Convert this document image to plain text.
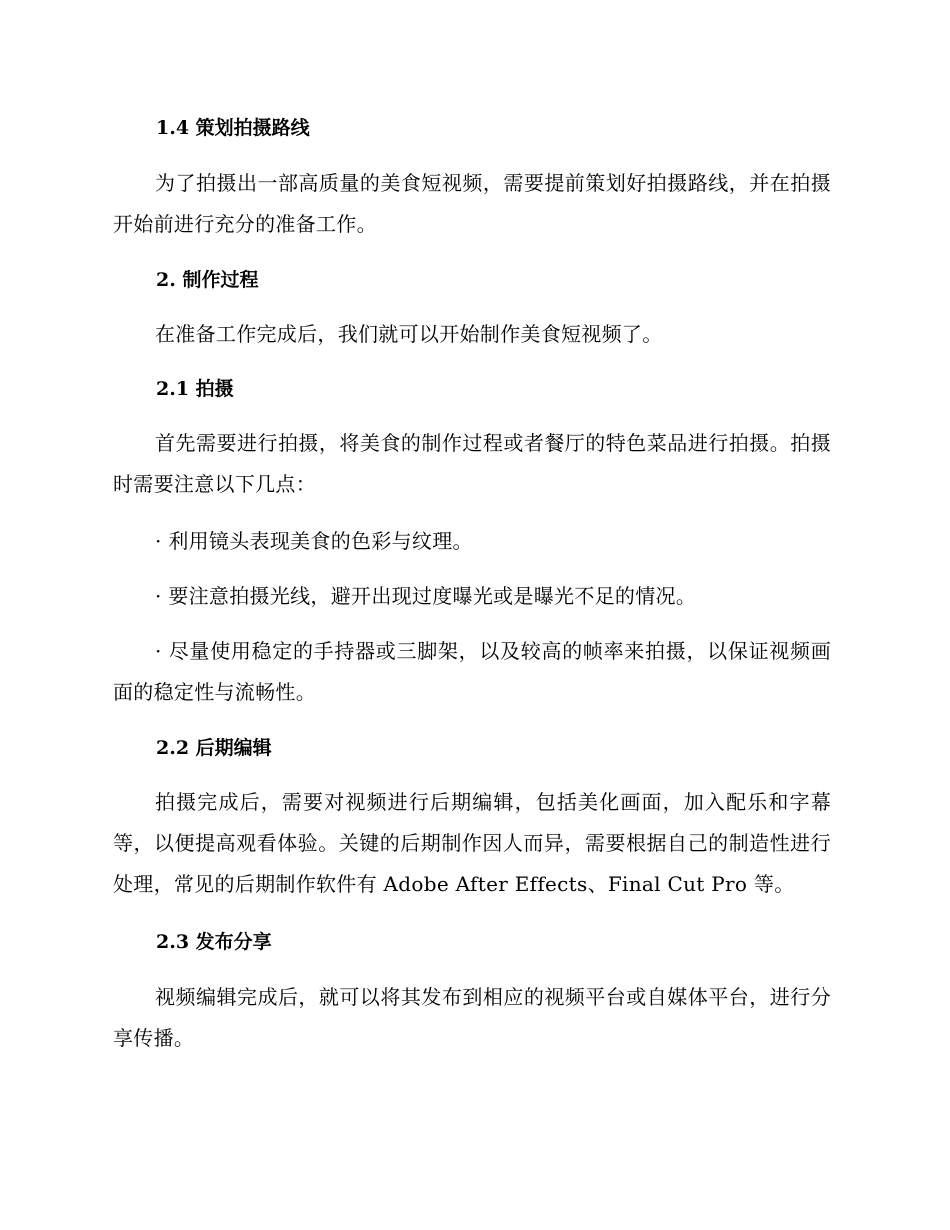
1.4 策划拍摄路线

为了拍摄出一部高质量的美食短视频，需要提前策划好拍摄路线，并在拍摄开始前进行充分的准备工作。

2. 制作过程

在准备工作完成后，我们就可以开始制作美食短视频了。

2.1 拍摄

首先需要进行拍摄，将美食的制作过程或者餐厅的特色菜品进行拍摄。拍摄时需要注意以下几点：

· 利用镜头表现美食的色彩与纹理。

· 要注意拍摄光线，避开出现过度曝光或是曝光不足的情况。

· 尽量使用稳定的手持器或三脚架，以及较高的帧率来拍摄，以保证视频画面的稳定性与流畅性。

2.2 后期编辑

拍摄完成后，需要对视频进行后期编辑，包括美化画面，加入配乐和字幕等，以便提高观看体验。关键的后期制作因人而异，需要根据自己的制造性进行处理，常见的后期制作软件有 Adobe After Effects、Final Cut Pro 等。

2.3 发布分享

视频编辑完成后，就可以将其发布到相应的视频平台或自媒体平台，进行分享传播。
